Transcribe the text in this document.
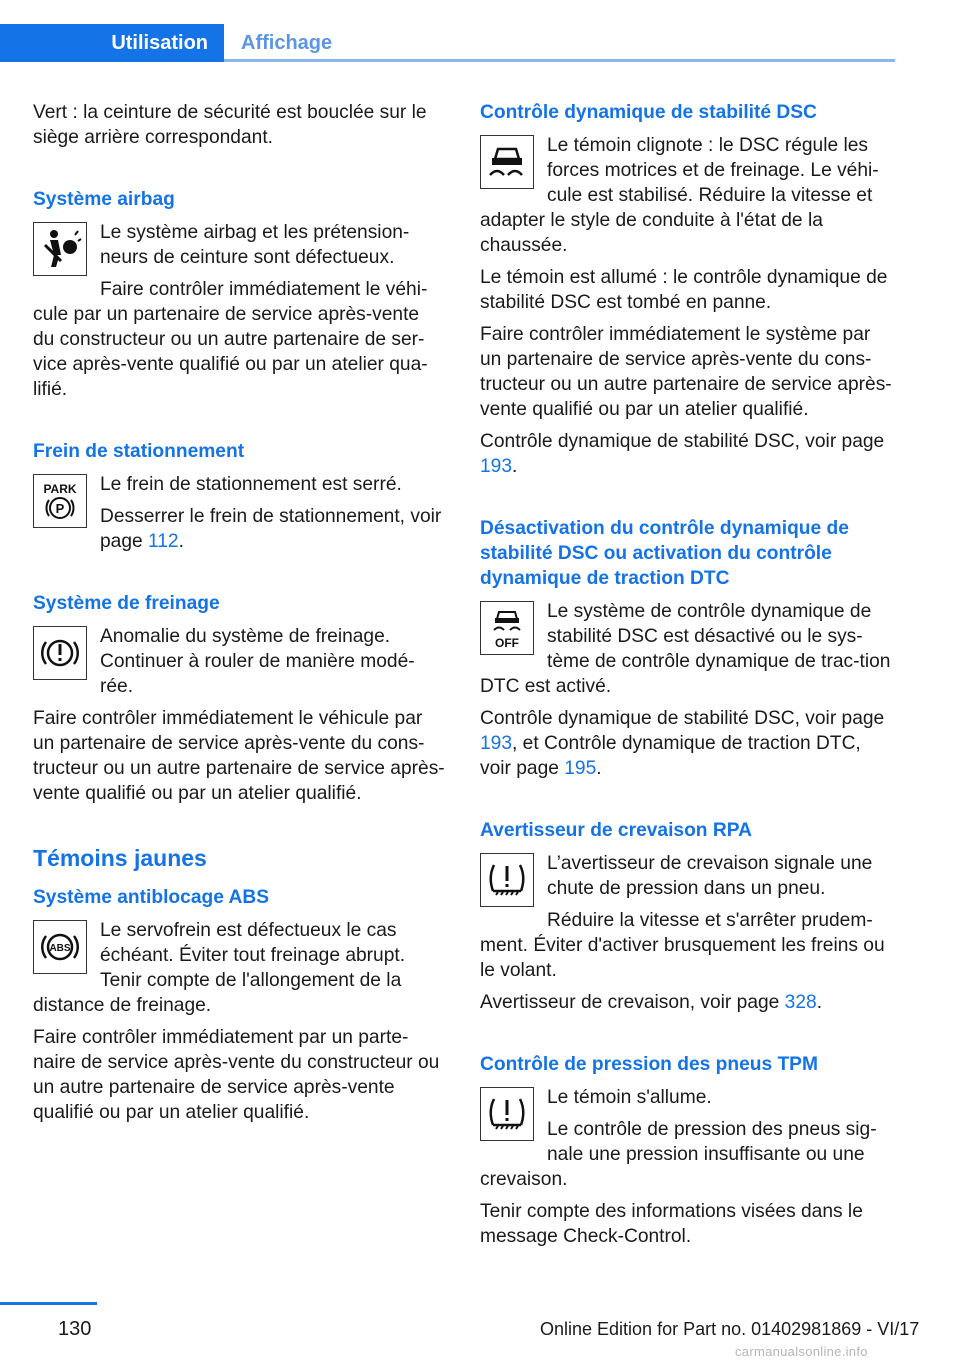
Utilisation	Affichage

Vert : la ceinture de sécurité est bouclée sur le siège arrière correspondant.

Système airbag

Le système airbag et les prétension‐neurs de ceinture sont défectueux.

Faire contrôler immédiatement le véhi‐cule par un partenaire de service après-vente du constructeur ou un autre partenaire de ser‐vice après-vente qualifié ou par un atelier qua‐lifié.

Frein de stationnement
PARK
P

Le frein de stationnement est serré.

Desserrer le frein de stationnement, voir page 112.

Système de freinage

Anomalie du système de freinage. Continuer à rouler de manière modé‐rée.

Faire contrôler immédiatement le véhicule par un partenaire de service après-vente du cons‐tructeur ou un autre partenaire de service après-vente qualifié ou par un atelier qualifié.

Témoins jaunes
Système antiblocage ABS
ABS

Le servofrein est défectueux le cas échéant. Éviter tout freinage abrupt. Tenir compte de l'allongement de la distance de freinage.

Faire contrôler immédiatement par un parte‐naire de service après-vente du constructeur ou un autre partenaire de service après-vente qualifié ou par un atelier qualifié.

Contrôle dynamique de stabilité DSC

Le témoin clignote : le DSC régule les forces motrices et de freinage. Le véhi‐cule est stabilisé. Réduire la vitesse et adapter le style de conduite à l'état de la chaussée.

Le témoin est allumé : le contrôle dynamique de stabilité DSC est tombé en panne.

Faire contrôler immédiatement le système par un partenaire de service après-vente du cons‐tructeur ou un autre partenaire de service après-vente qualifié ou par un atelier qualifié.

Contrôle dynamique de stabilité DSC, voir page 193.

Désactivation du contrôle dynamique de stabilité DSC ou activation du contrôle dynamique de traction DTC
OFF

Le système de contrôle dynamique de stabilité DSC est désactivé ou le sys‐tème de contrôle dynamique de trac‐tion DTC est activé.

Contrôle dynamique de stabilité DSC, voir page 193, et Contrôle dynamique de traction DTC, voir page 195.

Avertisseur de crevaison RPA

L’avertisseur de crevaison signale une chute de pression dans un pneu.

Réduire la vitesse et s'arrêter prudem‐ment. Éviter d'activer brusquement les freins ou le volant.

Avertisseur de crevaison, voir page 328.

Contrôle de pression des pneus TPM

Le témoin s'allume.

Le contrôle de pression des pneus sig‐nale une pression insuffisante ou une crevaison.

Tenir compte des informations visées dans le message Check-Control.

130	Online Edition for Part no. 01402981869 - VI/17
carmanualsonline.info
